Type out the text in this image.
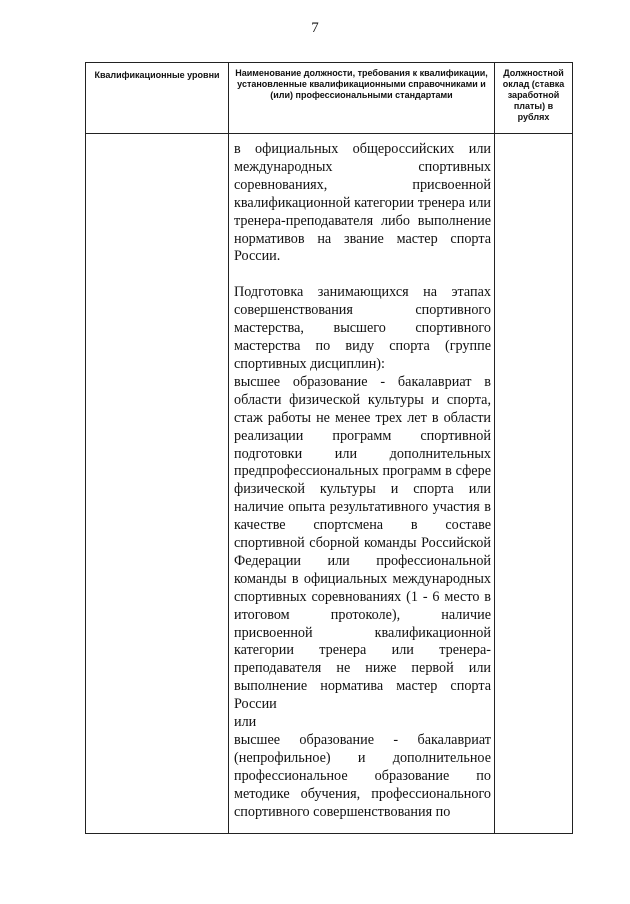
7
Квалификационные уровни	Наименование должности, требования к квалификации, установленные квалификационными справочниками и (или) профессиональными стандартами	Должностной оклад (ставка заработной платы) в рублях

	в официальных общероссийских или международных спортивных соревнованиях, присвоенной квалификационной категории тренера или тренера-преподавателя либо выполнение нормативов на звание мастер спорта России.

Подготовка занимающихся на этапах совершенствования спортивного мастерства, высшего спортивного мастерства по виду спорта (группе спортивных дисциплин):

высшее образование - бакалавриат в области физической культуры и спорта, стаж работы не менее трех лет в области реализации программ спортивной подготовки или дополнительных предпрофессиональных программ в сфере физической культуры и спорта или наличие опыта результативного участия в качестве спортсмена в составе спортивной сборной команды Российской Федерации или профессиональной команды в официальных международных спортивных соревнованиях (1 - 6 место в итоговом протоколе), наличие присвоенной квалификационной категории тренера или тренера-преподавателя не ниже первой или выполнение норматива мастер спорта России

или

высшее образование - бакалавриат (непрофильное) и дополнительное профессиональное образование по методике обучения, профессионального спортивного совершенствования по	
